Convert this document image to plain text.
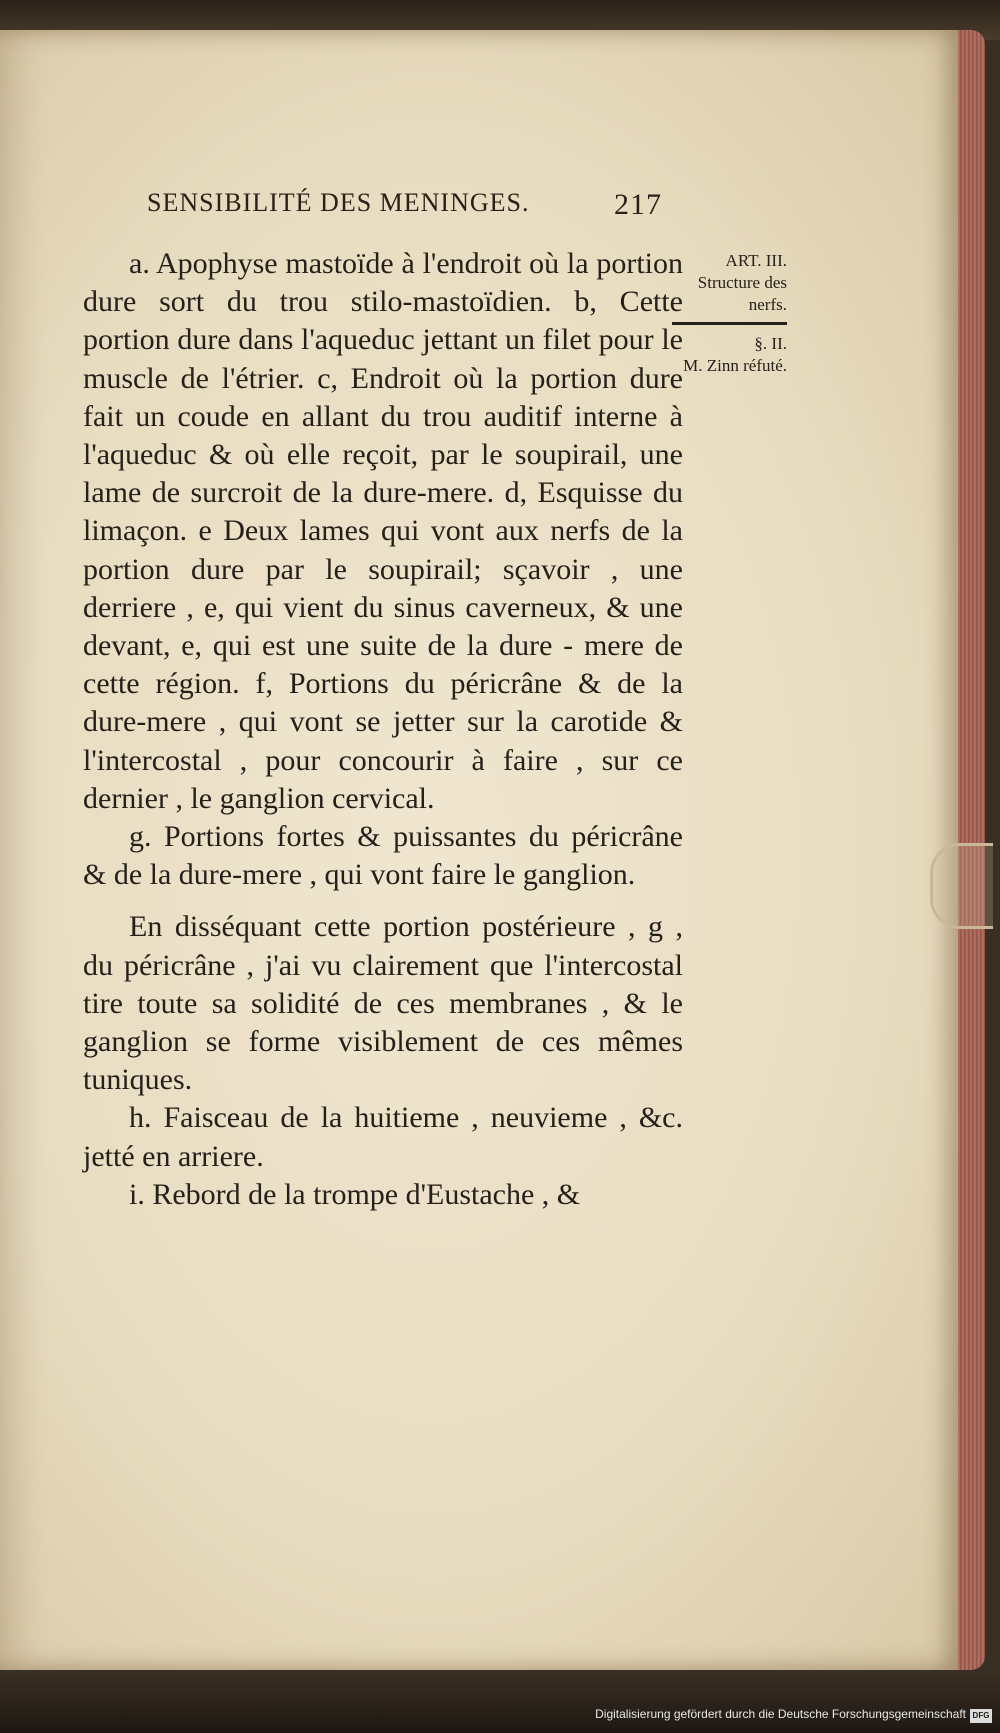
SENSIBILITÉ DES MENINGES.	217
ART. III.
Structure des nerfs.
§. II.
M. Zinn réfuté.

a. Apophyse mastoïde à l'endroit où la portion dure sort du trou stilo-mastoïdien. b, Cette portion dure dans l'aqueduc jettant un filet pour le muscle de l'étrier. c, Endroit où la portion dure fait un coude en allant du trou auditif interne à l'aqueduc & où elle reçoit, par le soupirail, une lame de surcroit de la dure-mere. d, Esquisse du limaçon. e Deux lames qui vont aux nerfs de la portion dure par le soupirail; sçavoir , une derriere , e, qui vient du sinus caverneux, & une devant, e, qui est une suite de la dure - mere de cette région. f, Portions du péricrâne & de la dure-mere , qui vont se jetter sur la carotide & l'intercostal , pour concourir à faire , sur ce dernier , le ganglion cervical.

g. Portions fortes & puissantes du péricrâne & de la dure-mere , qui vont faire le ganglion.

En disséquant cette portion postérieure , g , du péricrâne , j'ai vu clairement que l'intercostal tire toute sa solidité de ces membranes , & le ganglion se forme visiblement de ces mêmes tuniques.

h. Faisceau de la huitieme , neuvieme , &c. jetté en arriere.

i. Rebord de la trompe d'Eustache , &

Digitalisierung gefördert durch die Deutsche Forschungsgemeinschaft DFG
